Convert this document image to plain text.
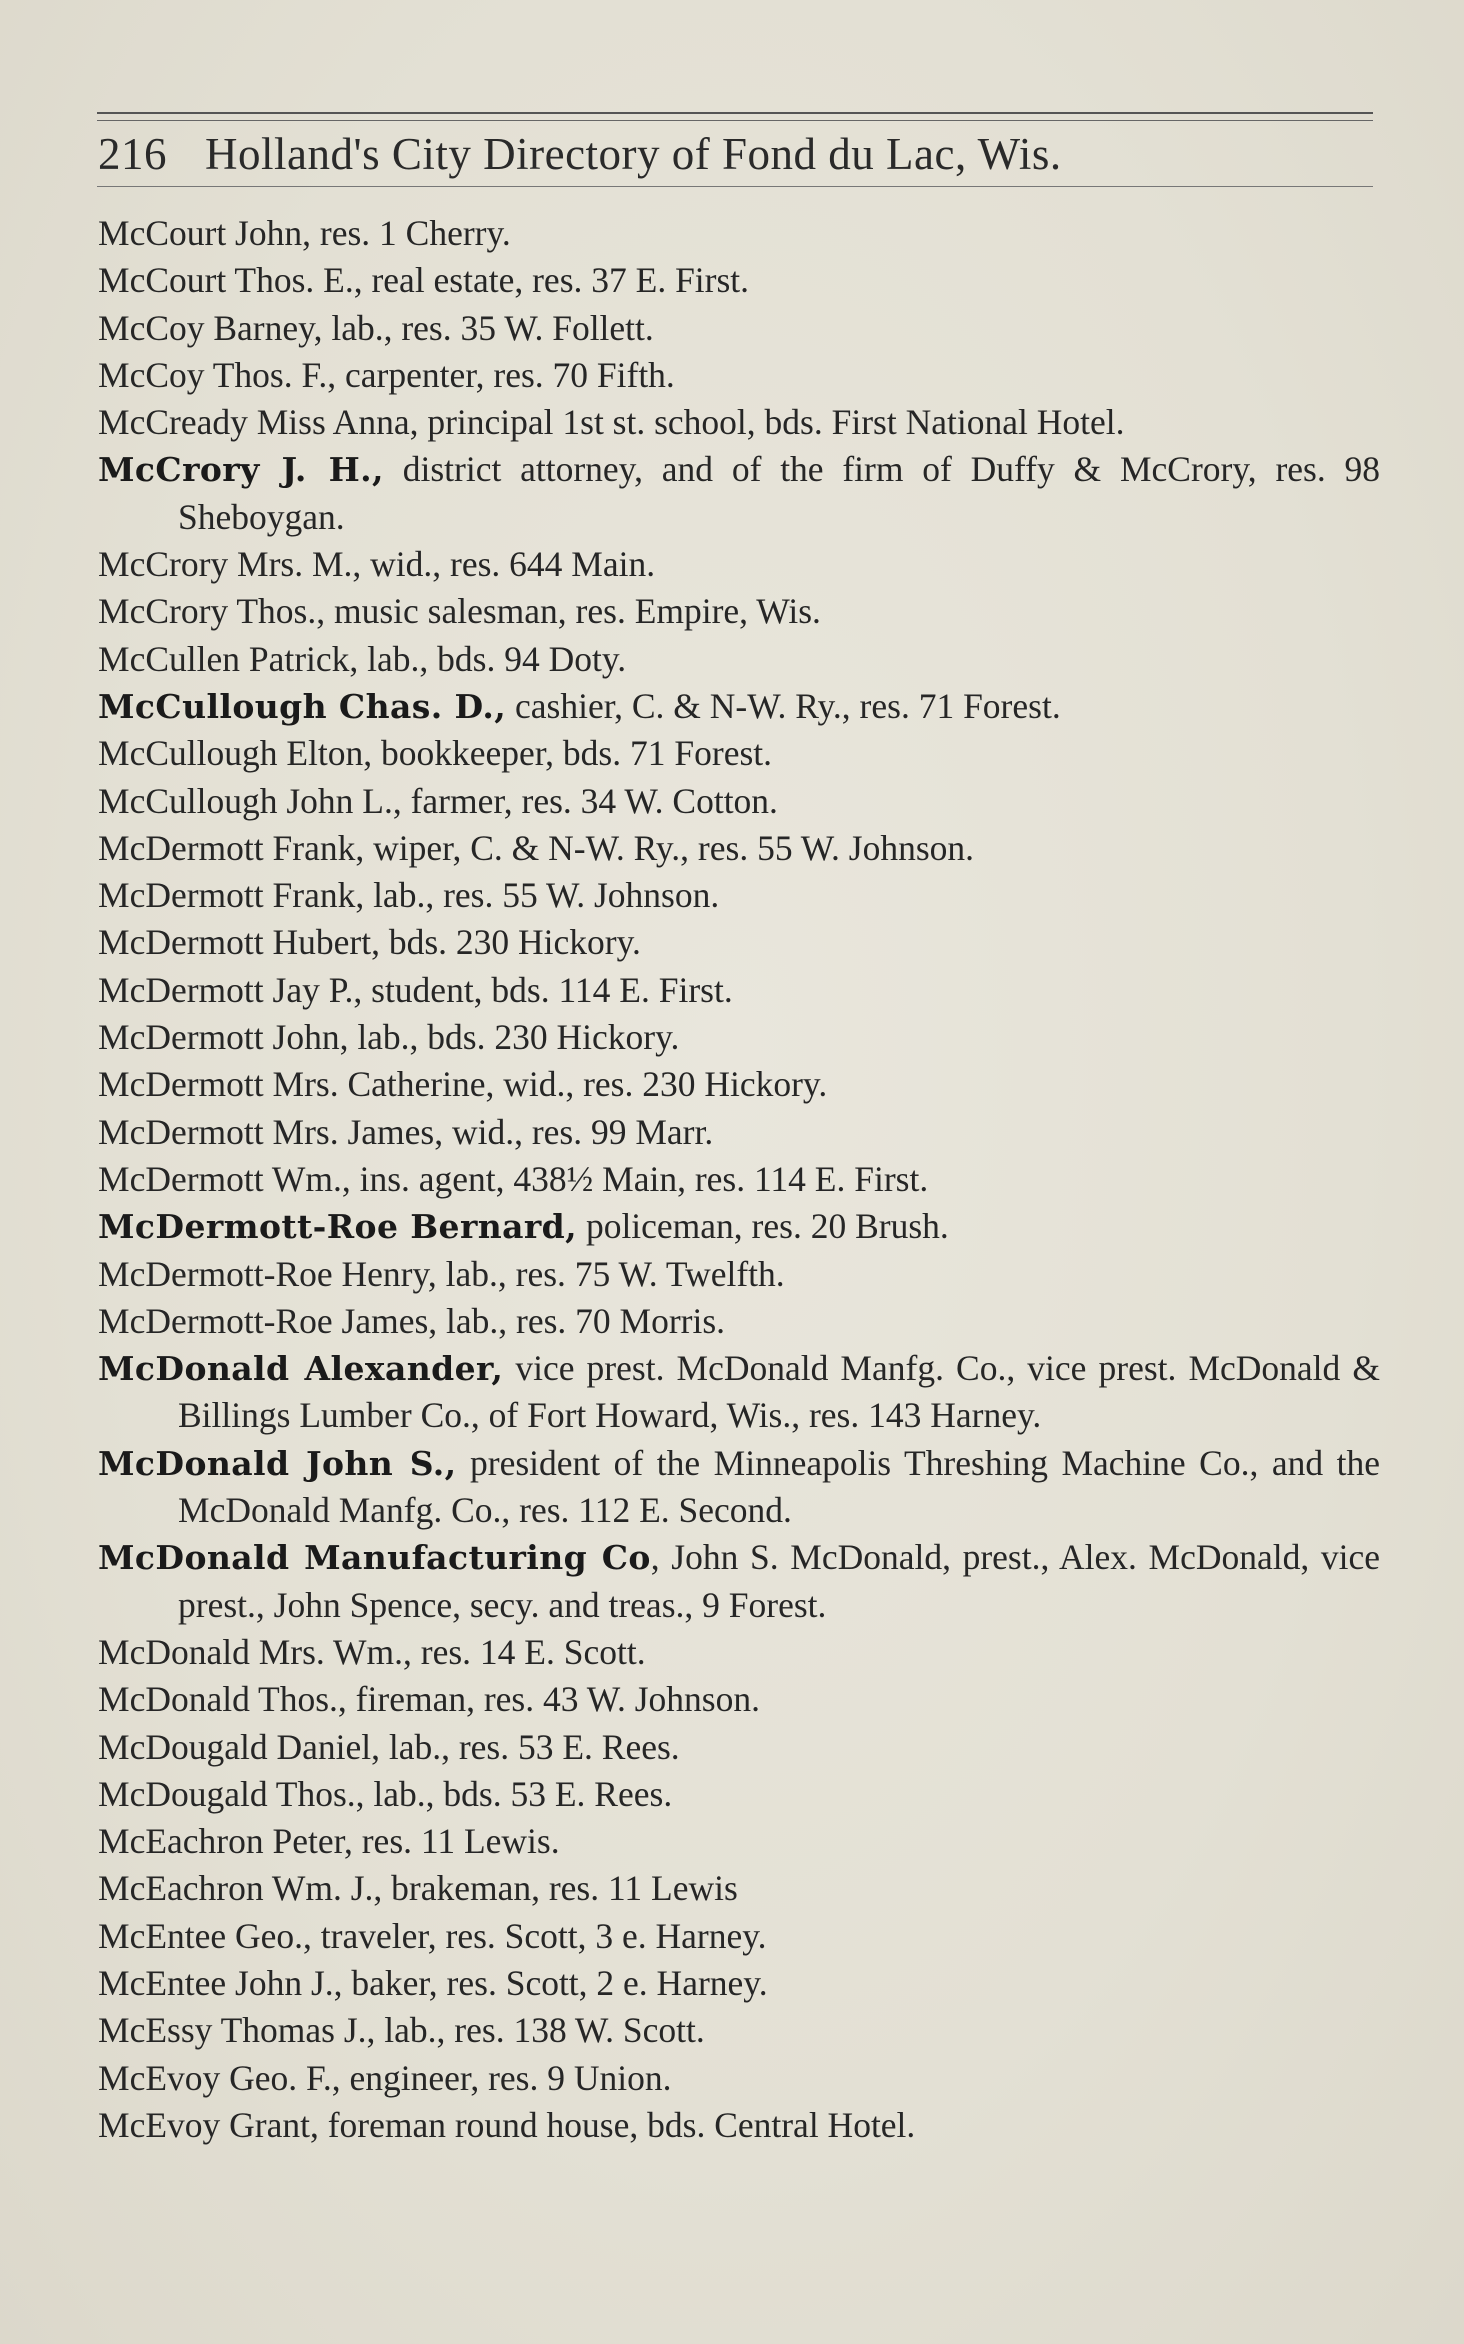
216 Holland's City Directory of Fond du Lac, Wis.
McCourt John, res. 1 Cherry.
McCourt Thos. E., real estate, res. 37 E. First.
McCoy Barney, lab., res. 35 W. Follett.
McCoy Thos. F., carpenter, res. 70 Fifth.
McCready Miss Anna, principal 1st st. school, bds. First National Hotel.
McCrory J. H., district attorney, and of the firm of Duffy & McCrory, res. 98 Sheboygan.
McCrory Mrs. M., wid., res. 644 Main.
McCrory Thos., music salesman, res. Empire, Wis.
McCullen Patrick, lab., bds. 94 Doty.
McCullough Chas. D., cashier, C. & N-W. Ry., res. 71 Forest.
McCullough Elton, bookkeeper, bds. 71 Forest.
McCullough John L., farmer, res. 34 W. Cotton.
McDermott Frank, wiper, C. & N-W. Ry., res. 55 W. Johnson.
McDermott Frank, lab., res. 55 W. Johnson.
McDermott Hubert, bds. 230 Hickory.
McDermott Jay P., student, bds. 114 E. First.
McDermott John, lab., bds. 230 Hickory.
McDermott Mrs. Catherine, wid., res. 230 Hickory.
McDermott Mrs. James, wid., res. 99 Marr.
McDermott Wm., ins. agent, 438½ Main, res. 114 E. First.
McDermott-Roe Bernard, policeman, res. 20 Brush.
McDermott-Roe Henry, lab., res. 75 W. Twelfth.
McDermott-Roe James, lab., res. 70 Morris.
McDonald Alexander, vice prest. McDonald Manfg. Co., vice prest. McDonald & Billings Lumber Co., of Fort Howard, Wis., res. 143 Harney.
McDonald John S., president of the Minneapolis Threshing Machine Co., and the McDonald Manfg. Co., res. 112 E. Second.
McDonald Manufacturing Co, John S. McDonald, prest., Alex. McDonald, vice prest., John Spence, secy. and treas., 9 Forest.
McDonald Mrs. Wm., res. 14 E. Scott.
McDonald Thos., fireman, res. 43 W. Johnson.
McDougald Daniel, lab., res. 53 E. Rees.
McDougald Thos., lab., bds. 53 E. Rees.
McEachron Peter, res. 11 Lewis.
McEachron Wm. J., brakeman, res. 11 Lewis
McEntee Geo., traveler, res. Scott, 3 e. Harney.
McEntee John J., baker, res. Scott, 2 e. Harney.
McEssy Thomas J., lab., res. 138 W. Scott.
McEvoy Geo. F., engineer, res. 9 Union.
McEvoy Grant, foreman round house, bds. Central Hotel.
